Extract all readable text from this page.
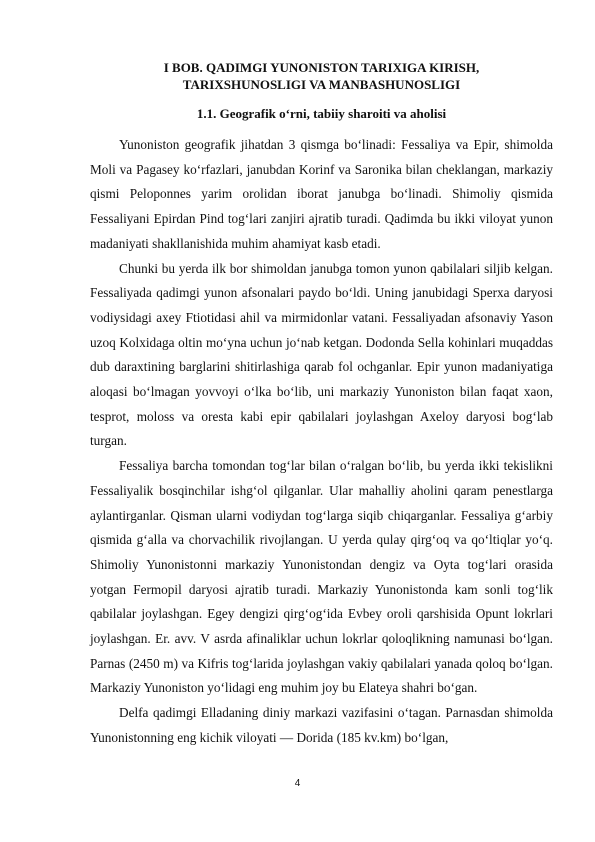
I BOB. QADIMGI YUNONISTON TARIXIGA KIRISH,
TARIXSHUNOSLIGI VA MANBASHUNOSLIGI
1.1. Geografik o‘rni, tabiiy sharoiti va aholisi

Yunoniston geografik jihatdan 3 qismga bo‘linadi: Fessaliya va Epir, shimolda Moli va Pagasey ko‘rfazlari, janubdan Korinf va Saronika bilan cheklangan, markaziy qismi Peloponnes yarim orolidan iborat janubga bo‘linadi. Shimoliy qismida Fessaliyani Epirdan Pind tog‘lari zanjiri ajratib turadi. Qadimda bu ikki viloyat yunon madaniyati shakllanishida muhim ahamiyat kasb etadi.

Chunki bu yerda ilk bor shimoldan janubga tomon yunon qabilalari siljib kelgan. Fessaliyada qadimgi yunon afsonalari paydo bo‘ldi. Uning janubidagi Sperxa daryosi vodiysidagi axey Ftiotidasi ahil va mirmidonlar vatani. Fessaliyadan afsonaviy Yason uzoq Kolxidaga oltin mo‘yna uchun jo‘nab ketgan. Dodonda Sella kohinlari muqaddas dub daraxtining barglarini shitirlashiga qarab fol ochganlar. Epir yunon madaniyatiga aloqasi bo‘lmagan yovvoyi o‘lka bo‘lib, uni markaziy Yunoniston bilan faqat xaon, tesprot, moloss va oresta kabi epir qabilalari joylashgan Axeloy daryosi bog‘lab turgan.

Fessaliya barcha tomondan tog‘lar bilan o‘ralgan bo‘lib, bu yerda ikki tekislikni Fessaliyalik bosqinchilar ishg‘ol qilganlar. Ular mahalliy aholini qaram penestlarga aylantirganlar. Qisman ularni vodiydan tog‘larga siqib chiqarganlar. Fessaliya g‘arbiy qismida g‘alla va chorvachilik rivojlangan. U yerda qulay qirg‘oq va qo‘ltiqlar yo‘q. Shimoliy Yunonistonni markaziy Yunonistondan dengiz va Oyta tog‘lari orasida yotgan Fermopil daryosi ajratib turadi. Markaziy Yunonistonda kam sonli tog‘lik qabilalar joylashgan. Egey dengizi qirg‘og‘ida Evbey oroli qarshisida Opunt lokrlari joylashgan. Er. avv. V asrda afinaliklar uchun lokrlar qoloqlikning namunasi bo‘lgan. Parnas (2450 m) va Kifris tog‘larida joylashgan vakiy qabilalari yanada qoloq bo‘lgan. Markaziy Yunoniston yo‘lidagi eng muhim joy bu Elateya shahri bo‘gan.

Delfa qadimgi Elladaning diniy markazi vazifasini o‘tagan. Parnasdan shimolda Yunonistonning eng kichik viloyati — Dorida (185 kv.km) bo‘lgan,

4
